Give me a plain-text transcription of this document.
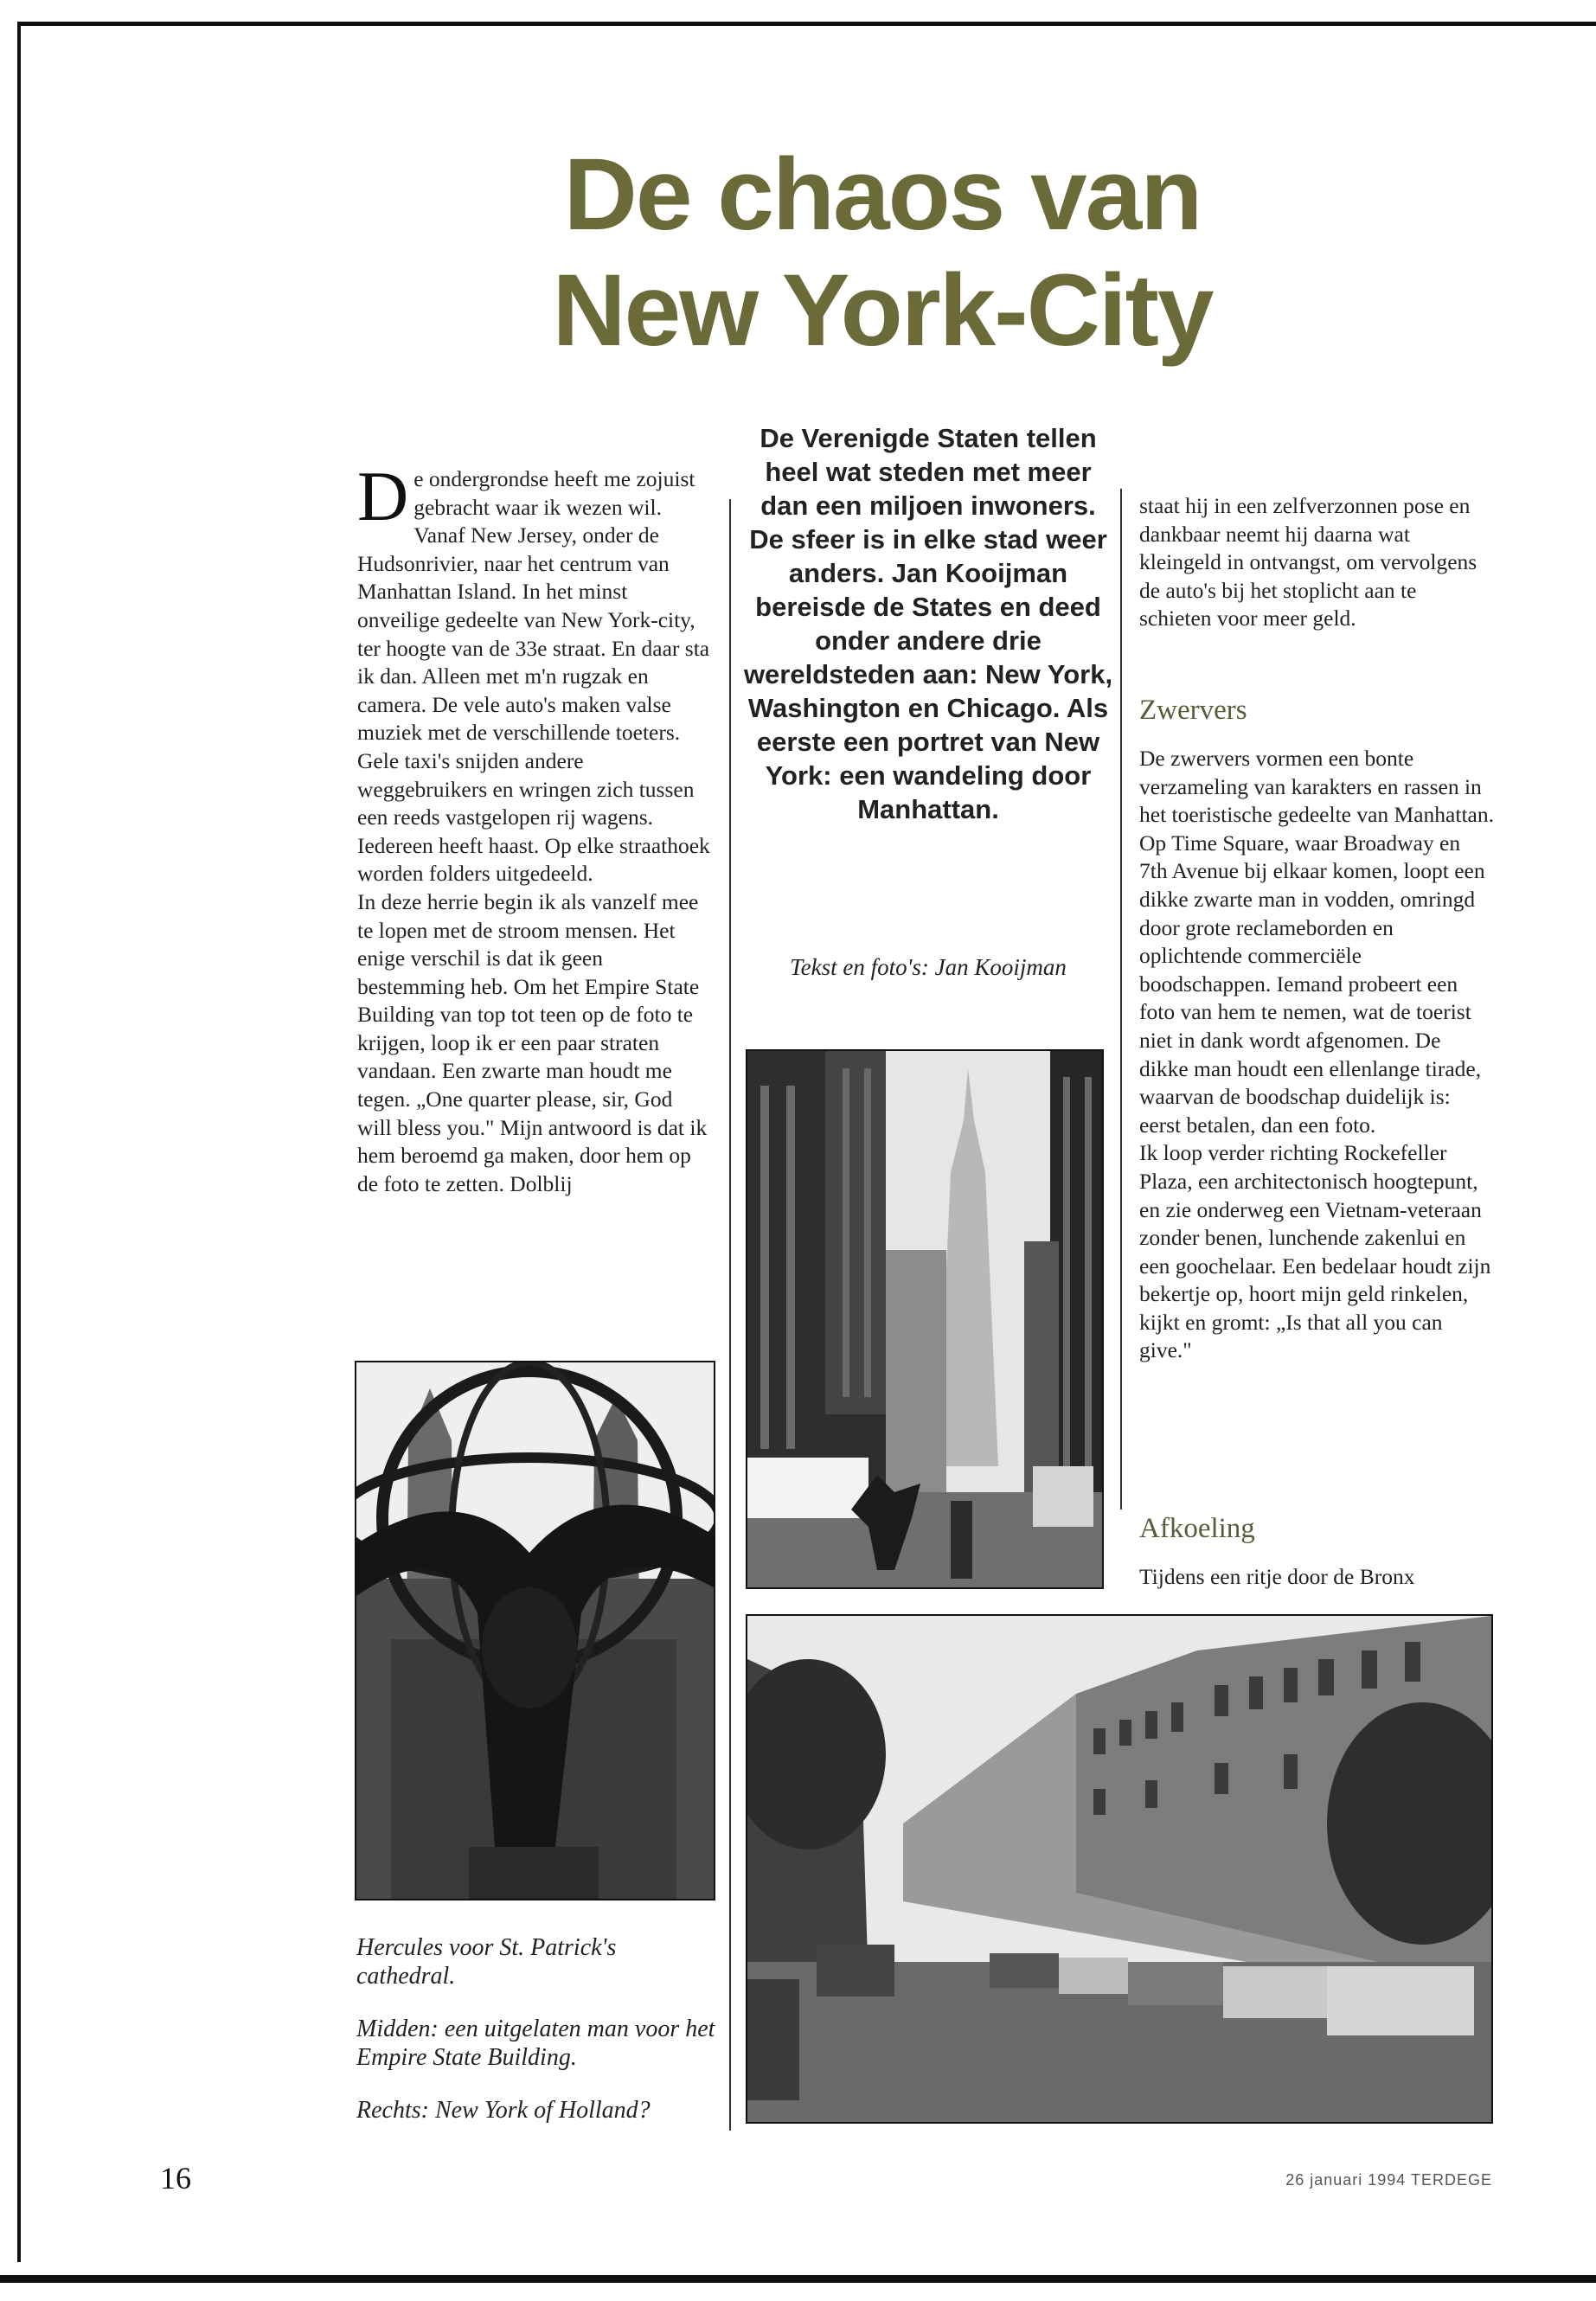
De chaos van
New York-City

De ondergrondse heeft me zojuist gebracht waar ik wezen wil. Vanaf New Jersey, onder de Hudsonrivier, naar het centrum van Manhattan Island. In het minst onveilige gedeelte van New York-city, ter hoogte van de 33e straat. En daar sta ik dan. Alleen met m'n rugzak en camera. De vele auto's maken valse muziek met de verschillende toeters. Gele taxi's snijden andere weggebruikers en wringen zich tussen een reeds vastgelopen rij wagens. Iedereen heeft haast. Op elke straathoek worden folders uitgedeeld.

In deze herrie begin ik als vanzelf mee te lopen met de stroom mensen. Het enige verschil is dat ik geen bestemming heb. Om het Empire State Building van top tot teen op de foto te krijgen, loop ik er een paar straten vandaan. Een zwarte man houdt me tegen. „One quarter please, sir, God will bless you." Mijn antwoord is dat ik hem beroemd ga maken, door hem op de foto te zetten. Dolblij

De Verenigde Staten tellen heel wat steden met meer dan een miljoen inwoners. De sfeer is in elke stad weer anders. Jan Kooijman bereisde de States en deed onder andere drie wereldsteden aan: New York, Washington en Chicago. Als eerste een portret van New York: een wandeling door Manhattan.
Tekst en foto's: Jan Kooijman

staat hij in een zelfverzonnen pose en dankbaar neemt hij daarna wat kleingeld in ontvangst, om vervolgens de auto's bij het stoplicht aan te schieten voor meer geld.

Zwervers

De zwervers vormen een bonte verzameling van karakters en rassen in het toeristische gedeelte van Manhattan. Op Time Square, waar Broadway en 7th Avenue bij elkaar komen, loopt een dikke zwarte man in vodden, omringd door grote reclameborden en oplichtende commerciële boodschappen. Iemand probeert een foto van hem te nemen, wat de toerist niet in dank wordt afgenomen. De dikke man houdt een ellenlange tirade, waarvan de boodschap duidelijk is: eerst betalen, dan een foto.

Ik loop verder richting Rockefeller Plaza, een architectonisch hoogtepunt, en zie onderweg een Vietnam-veteraan zonder benen, lunchende zakenlui en een goochelaar. Een bedelaar houdt zijn bekertje op, hoort mijn geld rinkelen, kijkt en gromt: „Is that all you can give."

Afkoeling

Tijdens een ritje door de Bronx

Hercules voor St. Patrick's cathedral.

Midden: een uitgelaten man voor het Empire State Building.

Rechts: New York of Holland?

16	26 januari 1994 TERDEGE
